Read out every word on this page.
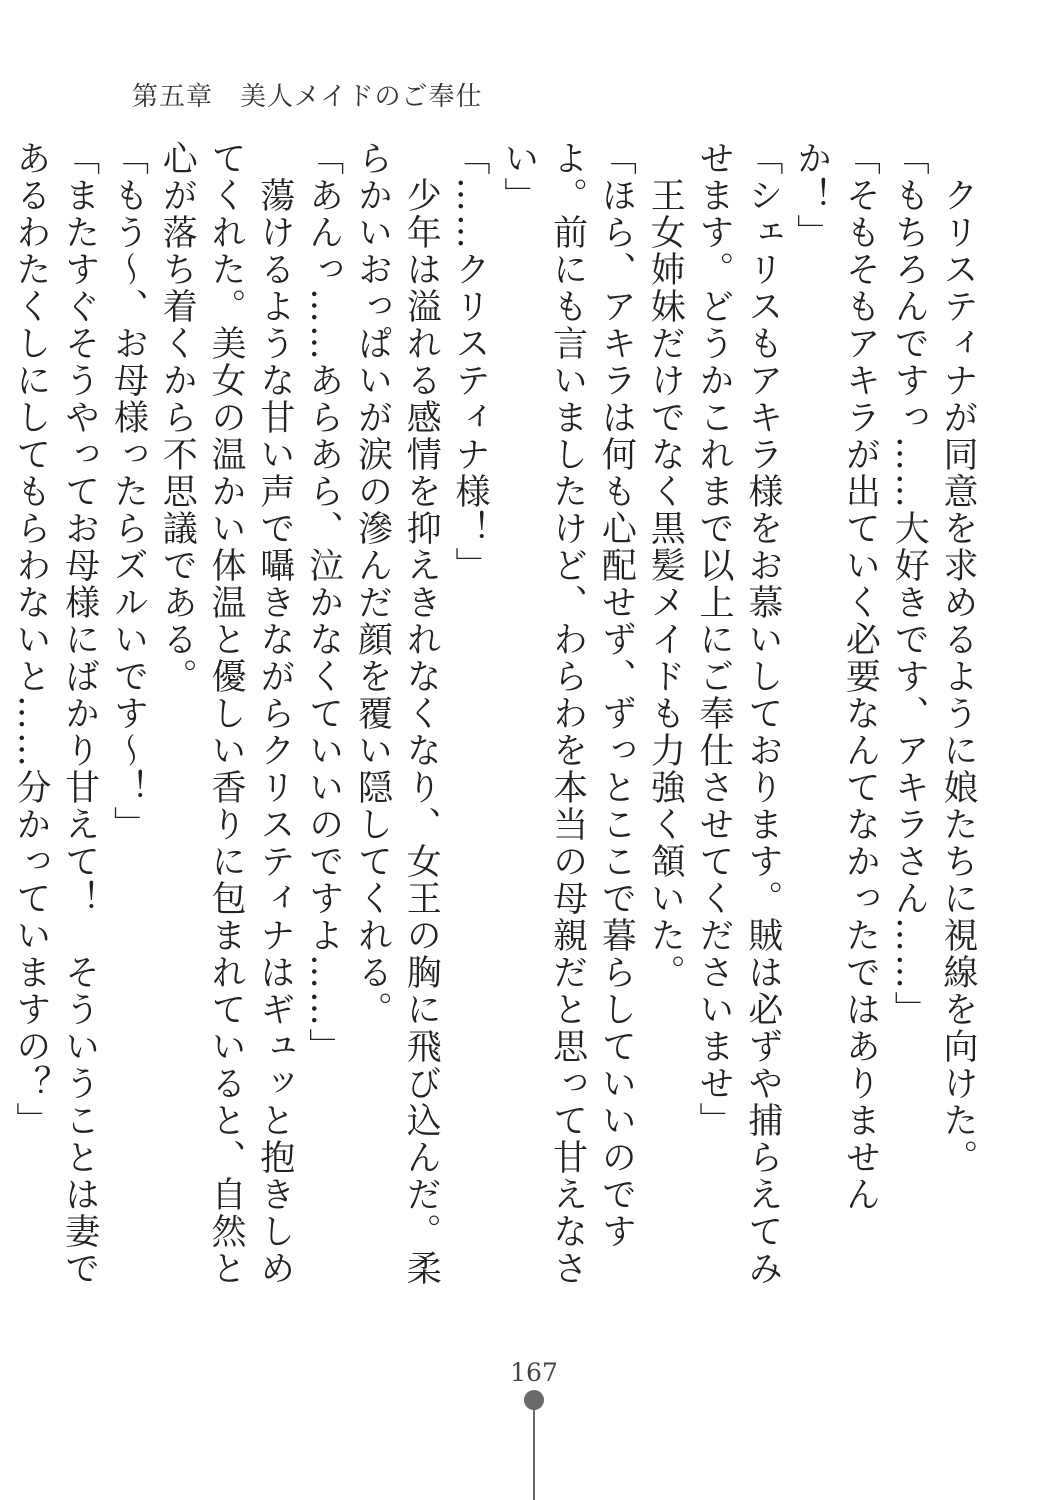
第五章　美人メイドのご奉仕

　クリスティナが同意を求めるように娘たちに視線を向けた。

「もちろんですっ……大好きです、アキラさん……」

「そもそもアキラが出ていく必要なんてなかったではありませんか！」

「シェリスもアキラ様をお慕いしております。賊は必ずや捕らえてみせます。どうかこれまで以上にご奉仕させてくださいませ」

　王女姉妹だけでなく黒髪メイドも力強く頷いた。

「ほら、アキラは何も心配せず、ずっとここで暮らしていいのですよ。前にも言いましたけど、わらわを本当の母親だと思って甘えなさい」

「……クリスティナ様！」

　少年は溢れる感情を抑えきれなくなり、女王の胸に飛び込んだ。柔らかいおっぱいが涙の滲んだ顔を覆い隠してくれる。

「あんっ……あらあら、泣かなくていいのですよ……」

　蕩けるような甘い声で囁きながらクリスティナはギュッと抱きしめてくれた。美女の温かい体温と優しい香りに包まれていると、自然と心が落ち着くから不思議である。

「もう～、お母様ったらズルいです～！」

「またすぐそうやってお母様にばかり甘えて！　そういうことは妻であるわたくしにしてもらわないと……分かっていますの？」

167
